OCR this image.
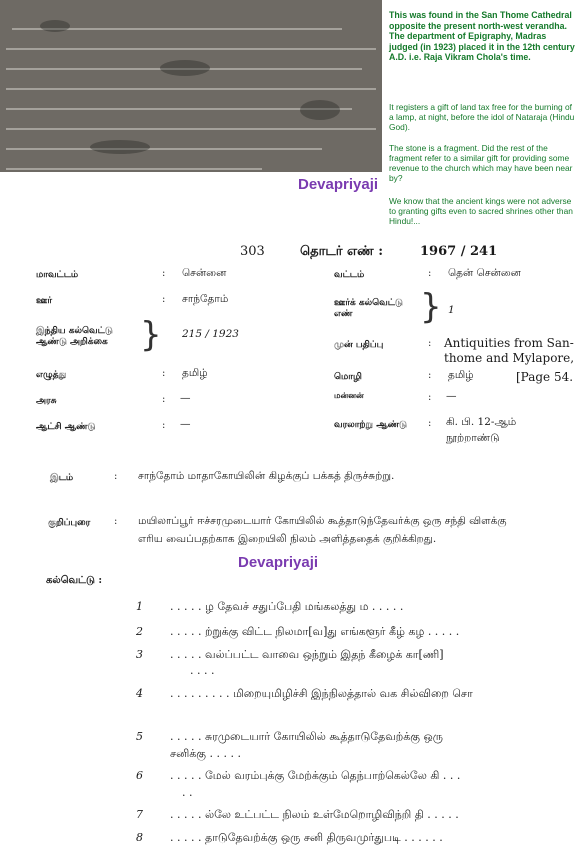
This was found in the San Thome Cathedral opposite the present north-west verandha. The department of Epigraphy, Madras judged (in 1923) placed it in the 12th century A.D. i.e. Raja Vikram Chola's time.
It registers a gift of land tax free for the burning of a lamp, at night, before the idol of Nataraja (Hindu God).
The stone is a fragment. Did the rest of the fragment refer to a similar gift for providing some revenue to the church which may have been near by?
We know that the ancient kings were not adverse to granting gifts even to sacred shrines other than Hindu!...
Devapriyaji
303	தொடர் எண் :	1967 / 241
மாவட்டம்	: சென்னை
ஊர்	: சாந்தோம்
இந்திய கல்வெட்டு ஆண்டு அறிக்கை } 215 / 1923
எழுத்து	: தமிழ்
அரசு	: —
ஆட்சி ஆண்டு	: —
வட்டம்	: தென் சென்னை
ஊர்க் கல்வெட்டு எண்	} 1
முன் பதிப்பு	: Antiquities from San-
thome and Mylapore,
[Page 54.
மொழி	: தமிழ்
மன்னன்	: —
வரலாற்று ஆண்டு : கி. பி. 12-ஆம்
நூற்றாண்டு
இடம்	: சாந்தோம் மாதாகோயிலின் கிழக்குப் பக்கத் திருச்சுற்று.
குறிப்புரை : மயிலாப்பூர் ஈச்சரமுடையார் கோயிலில் கூத்தாடுந்தேவர்க்கு ஒரு சந்தி விளக்கு
எரிய வைப்பதற்காக இறையிலி நிலம் அளித்ததைக் குறிக்கிறது.
Devapriyaji
கல்வெட்டு :
1 . . . . . ழ தேவச் சதுப்பேதி மங்கலத்து ம . . . . .
2 . . . . . ற்றுக்கு விட்ட நிலமா[வ]து எங்களூர் கீழ் கழ . . . . .
3 . . . . . வல்ப்பட்ட வாவை ஒந்றும் இதந் கீழைக் கா[ணி]
. . . .
4 . . . . . . . . . மிறையுமிழிச்சி இந்நிலத்தால் வக சில்விறை சொ
5 . . . . . சுரமுடையார் கோயிலில் கூத்தாடுதேவற்க்கு ஒரு
சனிக்கு . . . . .
6 . . . . . மேல் வரம்புக்கு மேற்க்கும் தெந்பாற்கெல்லே கி . . .
. .
7 . . . . . ல்லே உட்பட்ட நிலம் உள்மேறொழிவிந்றி தி . . . . .
8 . . . . . தாடுதேவற்க்கு ஒரு சனி திருவமுர்துபடி . . . . . .
